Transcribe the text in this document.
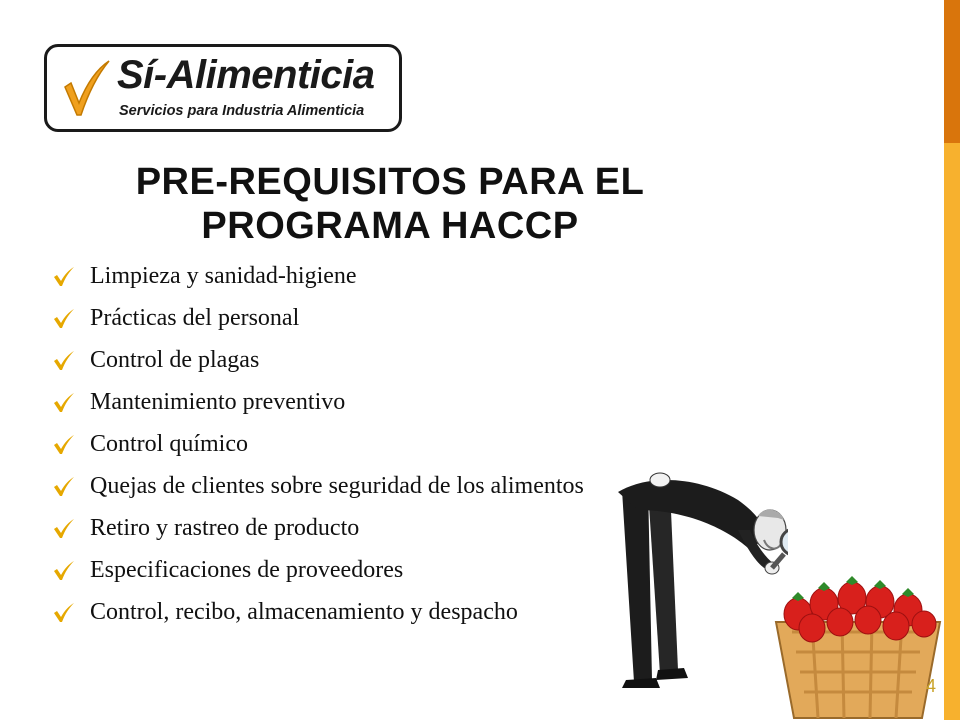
Sí-Alimenticia
Servicios para Industria Alimenticia
PRE-REQUISITOS PARA EL
PROGRAMA HACCP
Limpieza y sanidad-higiene
Prácticas del personal
Control de plagas
Mantenimiento preventivo
Control químico
Quejas de clientes sobre seguridad de los alimentos
Retiro y rastreo de producto
Especificaciones de proveedores
Control, recibo, almacenamiento y despacho
4
